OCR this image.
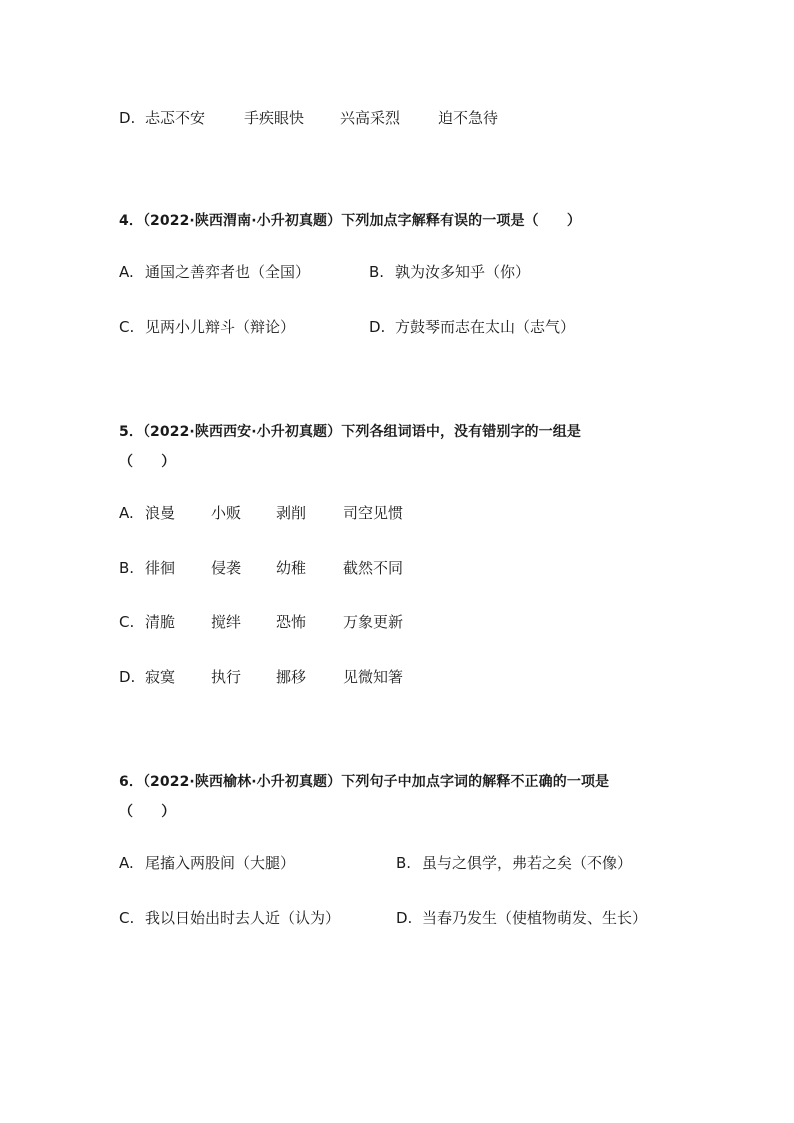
D. 忐忑不安	手疾眼快	兴高采烈	迫不急待
4．（2022·陕西渭南·小升初真题）下列加点字解释有误的一项是（　　）
A. 通国之善弈者也（全国）	B. 孰为汝多知乎（你）
C. 见两小儿辩斗（辩论）	D. 方鼓琴而志在太山（志气）
5．（2022·陕西西安·小升初真题）下列各组词语中，没有错别字的一组是
（　　）
A. 浪曼	小贩	剥削	司空见惯
B. 徘徊	侵袭	幼稚	截然不同
C. 清脆	搅绊	恐怖	万象更新
D. 寂寞	执行	挪移	见微知箸
6．（2022·陕西榆林·小升初真题）下列句子中加点字词的解释不正确的一项是
（　　）
A. 尾搐入两股间（大腿）	B. 虽与之俱学，弗若之矣（不像）
C. 我以日始出时去人近（认为）	D. 当春乃发生（使植物萌发、生长）
